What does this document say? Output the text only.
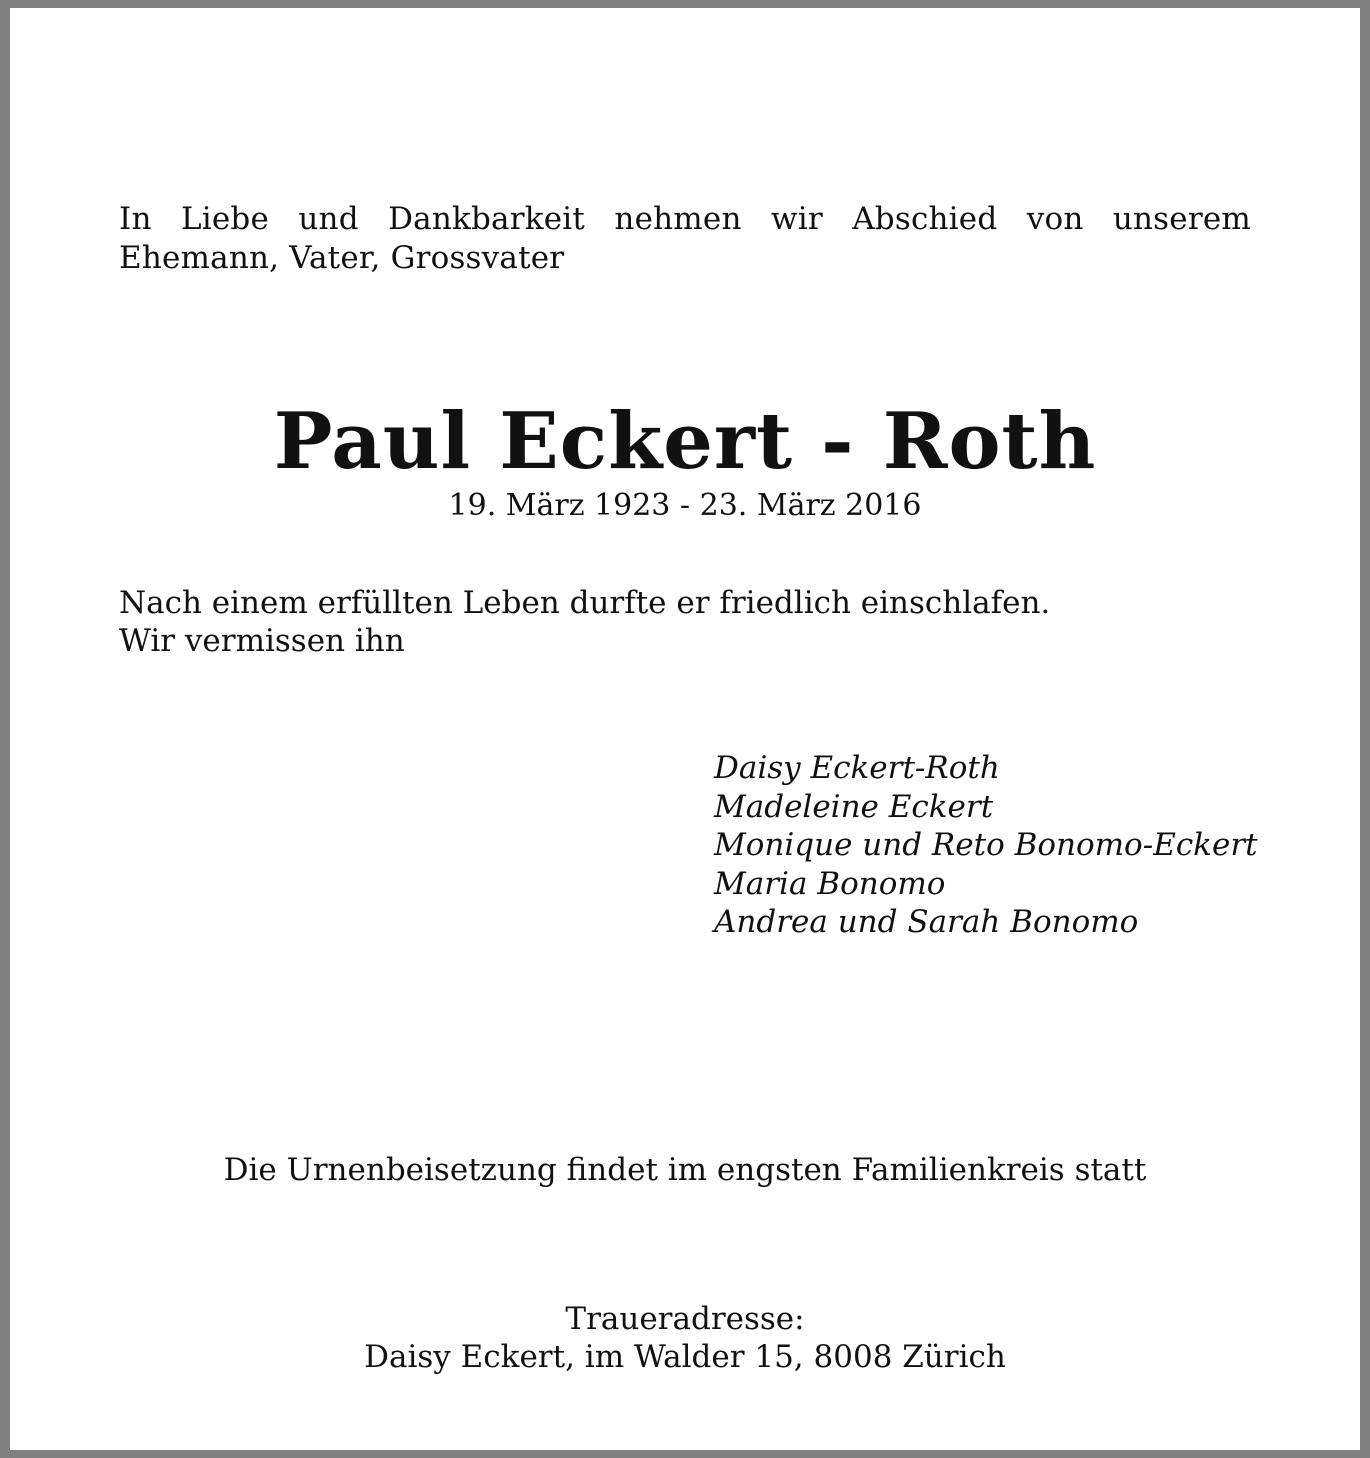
In Liebe und Dankbarkeit nehmen wir Abschied von unserem
Ehemann, Vater, Grossvater
Paul Eckert - Roth
19. März 1923 - 23. März 2016
Nach einem erfüllten Leben durfte er friedlich einschlafen.
Wir vermissen ihn
Daisy Eckert-Roth
Madeleine Eckert
Monique und Reto Bonomo-Eckert
Maria Bonomo
Andrea und Sarah Bonomo
Die Urnenbeisetzung findet im engsten Familienkreis statt
Traueradresse:
Daisy Eckert, im Walder 15, 8008 Zürich
